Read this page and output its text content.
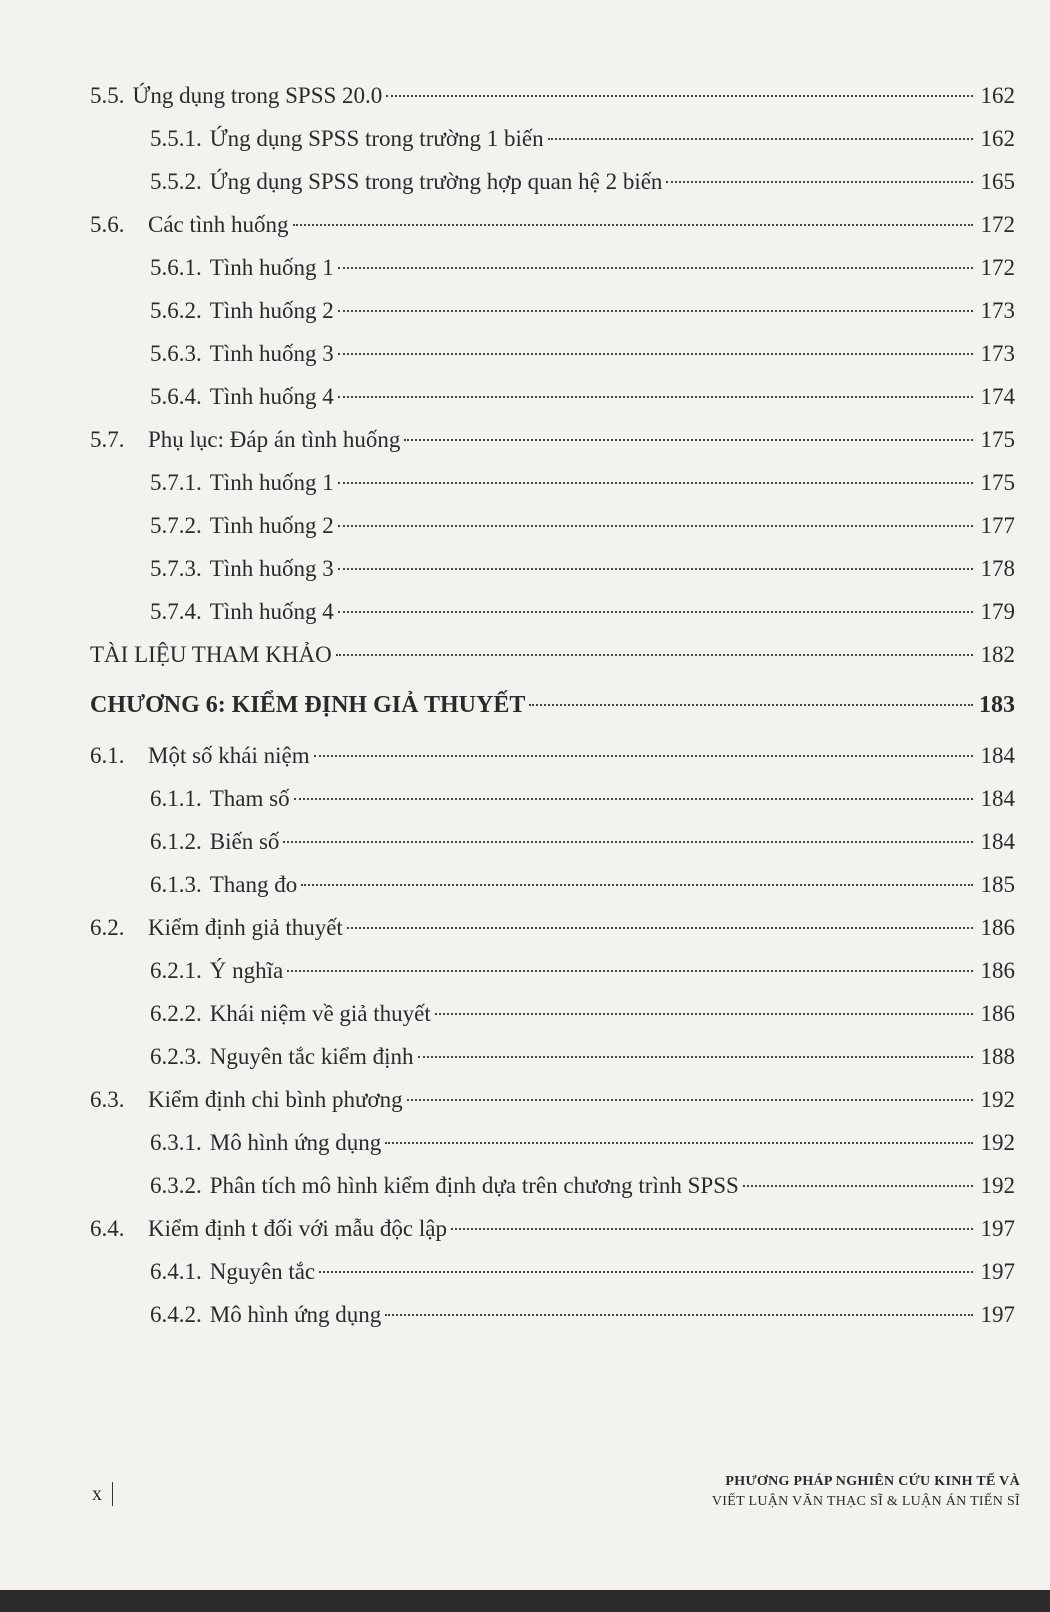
5.5. Ứng dụng trong SPSS 20.0	162
5.5.1. Ứng dụng SPSS trong trường 1 biến	162
5.5.2. Ứng dụng SPSS trong trường hợp quan hệ 2 biến	165
5.6.	Các tình huống	172
5.6.1. Tình huống 1	172
5.6.2. Tình huống 2	173
5.6.3. Tình huống 3	173
5.6.4. Tình huống 4	174
5.7.	Phụ lục: Đáp án tình huống	175
5.7.1. Tình huống 1	175
5.7.2. Tình huống 2	177
5.7.3. Tình huống 3	178
5.7.4. Tình huống 4	179
TÀI LIỆU THAM KHẢO	182
CHƯƠNG 6: KIỂM ĐỊNH GIẢ THUYẾT	183
6.1.	Một số khái niệm	184
6.1.1. Tham số	184
6.1.2. Biến số	184
6.1.3. Thang đo	185
6.2.	Kiểm định giả thuyết	186
6.2.1. Ý nghĩa	186
6.2.2. Khái niệm về giả thuyết	186
6.2.3. Nguyên tắc kiểm định	188
6.3.	Kiểm định chi bình phương	192
6.3.1. Mô hình ứng dụng	192
6.3.2. Phân tích mô hình kiểm định dựa trên chương trình SPSS	192
6.4.	Kiểm định t đối với mẫu độc lập	197
6.4.1. Nguyên tắc	197
6.4.2. Mô hình ứng dụng	197
x
PHƯƠNG PHÁP NGHIÊN CỨU KINH TẾ VÀ
VIẾT LUẬN VĂN THẠC SĨ & LUẬN ÁN TIẾN SĨ
